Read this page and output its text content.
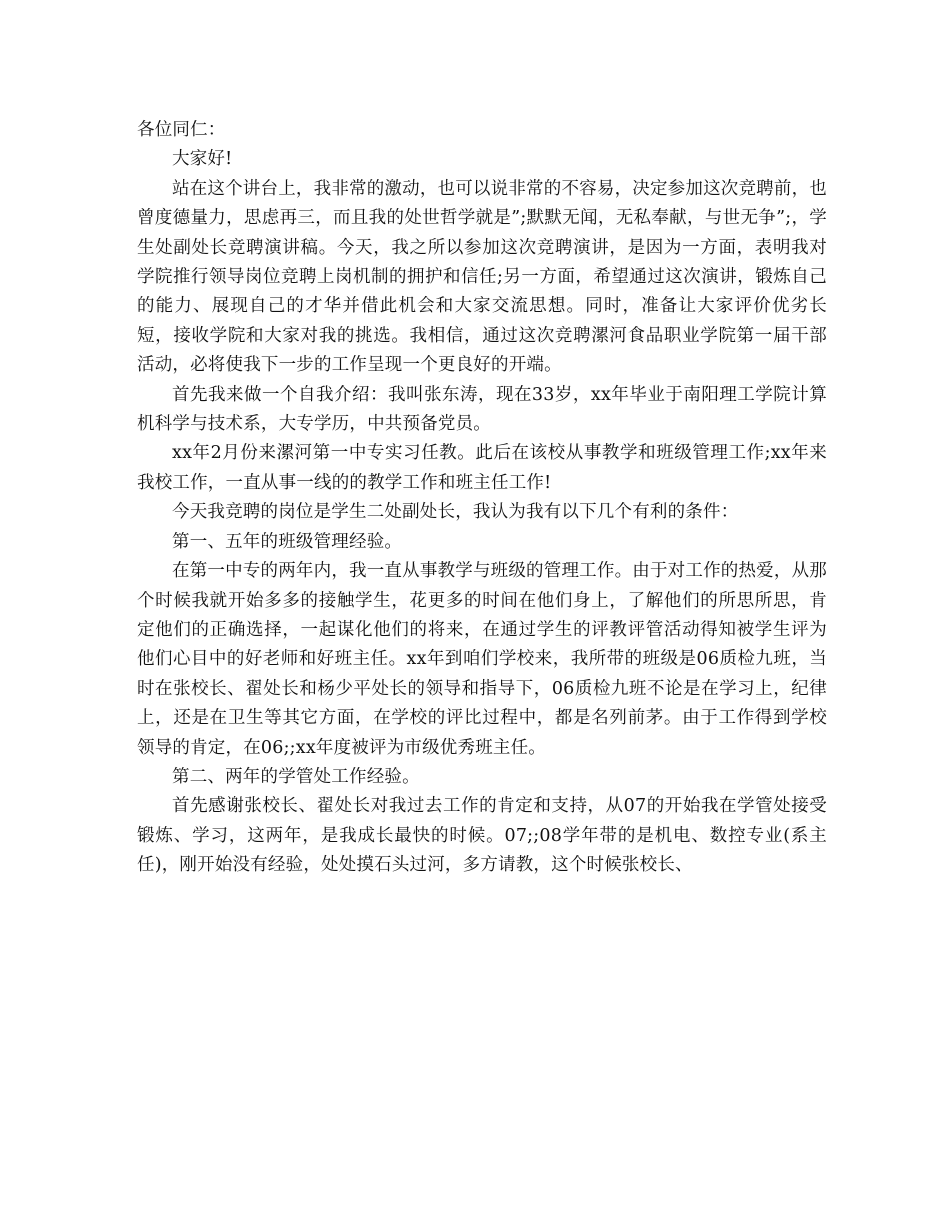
各位同仁：

大家好!

站在这个讲台上，我非常的激动，也可以说非常的不容易，决定参加这次竞聘前，也曾度德量力，思虑再三，而且我的处世哲学就是”;默默无闻，无私奉献，与世无争”;，学生处副处长竞聘演讲稿。今天，我之所以参加这次竞聘演讲，是因为一方面，表明我对学院推行领导岗位竞聘上岗机制的拥护和信任;另一方面，希望通过这次演讲，锻炼自己的能力、展现自己的才华并借此机会和大家交流思想。同时，准备让大家评价优劣长短，接收学院和大家对我的挑选。我相信，通过这次竞聘漯河食品职业学院第一届干部活动，必将使我下一步的工作呈现一个更良好的开端。

首先我来做一个自我介绍：我叫张东涛，现在33岁，xx年毕业于南阳理工学院计算机科学与技术系，大专学历，中共预备党员。

xx年2月份来漯河第一中专实习任教。此后在该校从事教学和班级管理工作;xx年来我校工作，一直从事一线的的教学工作和班主任工作!

今天我竞聘的岗位是学生二处副处长，我认为我有以下几个有利的条件：

第一、五年的班级管理经验。

在第一中专的两年内，我一直从事教学与班级的管理工作。由于对工作的热爱，从那个时候我就开始多多的接触学生，花更多的时间在他们身上，了解他们的所思所思，肯定他们的正确选择，一起谋化他们的将来，在通过学生的评教评管活动得知被学生评为他们心目中的好老师和好班主任。xx年到咱们学校来，我所带的班级是06质检九班，当时在张校长、翟处长和杨少平处长的领导和指导下，06质检九班不论是在学习上，纪律上，还是在卫生等其它方面，在学校的评比过程中，都是名列前茅。由于工作得到学校领导的肯定，在06;;xx年度被评为市级优秀班主任。

第二、两年的学管处工作经验。

首先感谢张校长、翟处长对我过去工作的肯定和支持，从07的开始我在学管处接受锻炼、学习，这两年，是我成长最快的时候。07;;08学年带的是机电、数控专业(系主任)，刚开始没有经验，处处摸石头过河，多方请教，这个时候张校长、
